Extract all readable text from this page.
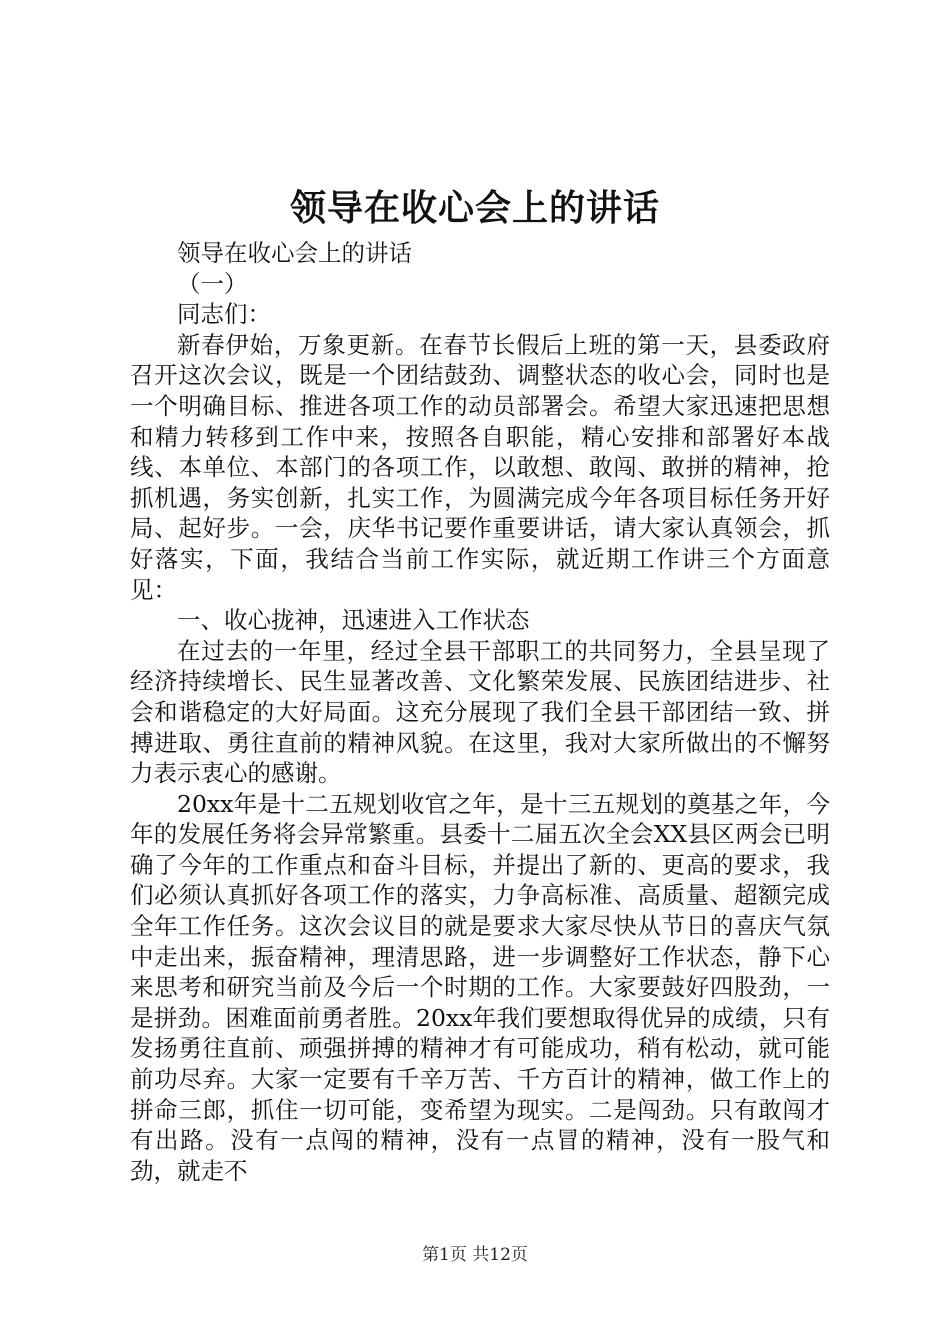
领导在收心会上的讲话

领导在收心会上的讲话

（一）

同志们：

新春伊始，万象更新。在春节长假后上班的第一天，县委政府召开这次会议，既是一个团结鼓劲、调整状态的收心会，同时也是一个明确目标、推进各项工作的动员部署会。希望大家迅速把思想和精力转移到工作中来，按照各自职能，精心安排和部署好本战线、本单位、本部门的各项工作，以敢想、敢闯、敢拼的精神，抢抓机遇，务实创新，扎实工作，为圆满完成今年各项目标任务开好局、起好步。一会，庆华书记要作重要讲话，请大家认真领会，抓好落实，下面，我结合当前工作实际，就近期工作讲三个方面意见：

一、收心拢神，迅速进入工作状态

在过去的一年里，经过全县干部职工的共同努力，全县呈现了经济持续增长、民生显著改善、文化繁荣发展、民族团结进步、社会和谐稳定的大好局面。这充分展现了我们全县干部团结一致、拼搏进取、勇往直前的精神风貌。在这里，我对大家所做出的不懈努力表示衷心的感谢。

20xx年是十二五规划收官之年，是十三五规划的奠基之年，今年的发展任务将会异常繁重。县委十二届五次全会XX县区两会已明确了今年的工作重点和奋斗目标，并提出了新的、更高的要求，我们必须认真抓好各项工作的落实，力争高标准、高质量、超额完成全年工作任务。这次会议目的就是要求大家尽快从节日的喜庆气氛中走出来，振奋精神，理清思路，进一步调整好工作状态，静下心来思考和研究当前及今后一个时期的工作。大家要鼓好四股劲，一是拼劲。困难面前勇者胜。20xx年我们要想取得优异的成绩，只有发扬勇往直前、顽强拼搏的精神才有可能成功，稍有松动，就可能前功尽弃。大家一定要有千辛万苦、千方百计的精神，做工作上的拼命三郎，抓住一切可能，变希望为现实。二是闯劲。只有敢闯才有出路。没有一点闯的精神，没有一点冒的精神，没有一股气和劲，就走不

第1页 共12页
